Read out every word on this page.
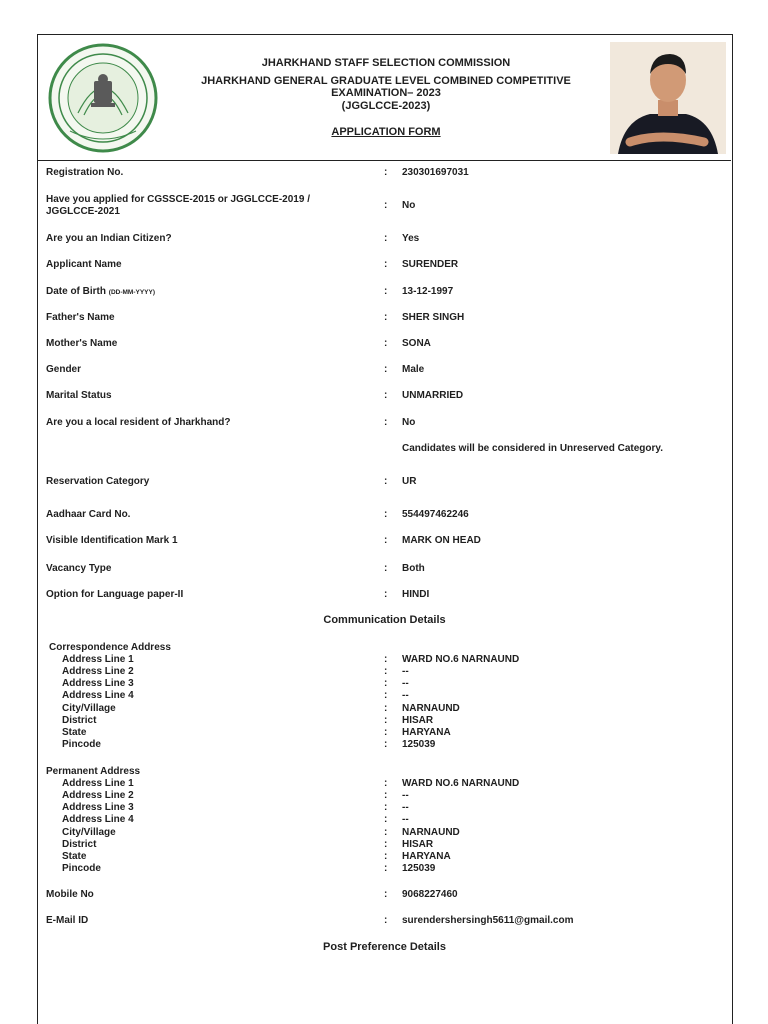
JHARKHAND STAFF SELECTION COMMISSION
JHARKHAND GENERAL GRADUATE LEVEL COMBINED COMPETITIVE
EXAMINATION– 2023
(JGGLCCE-2023)
APPLICATION FORM
Registration No.	: 230301697031
Have you applied for CGSSCE-2015 or JGGLCCE-2019 / JGGLCCE-2021
: No
Are you an Indian Citizen?	: Yes
Applicant Name	: SURENDER
Date of Birth (DD-MM-YYYY)	: 13-12-1997
Father's Name	: SHER SINGH
Mother's Name	: SONA
Gender	: Male
Marital Status	: UNMARRIED
Are you a local resident of Jharkhand?	: No
Candidates will be considered in Unreserved Category.
Reservation Category	: UR
Aadhaar Card No.	: 554497462246
Visible Identification Mark 1	: MARK ON HEAD
Vacancy Type	: Both
Option for Language paper-II	: HINDI
Communication Details
Correspondence Address
Address Line 1	: WARD NO.6 NARNAUND
Address Line 2	: --
Address Line 3	: --
Address Line 4	: --
City/Village	: NARNAUND
District	: HISAR
State	: HARYANA
Pincode	: 125039
Permanent Address
Address Line 1	: WARD NO.6 NARNAUND
Address Line 2	: --
Address Line 3	: --
Address Line 4	: --
City/Village	: NARNAUND
District	: HISAR
State	: HARYANA
Pincode	: 125039
Mobile No	: 9068227460
E-Mail ID	: surendershersingh5611@gmail.com
Post Preference Details
